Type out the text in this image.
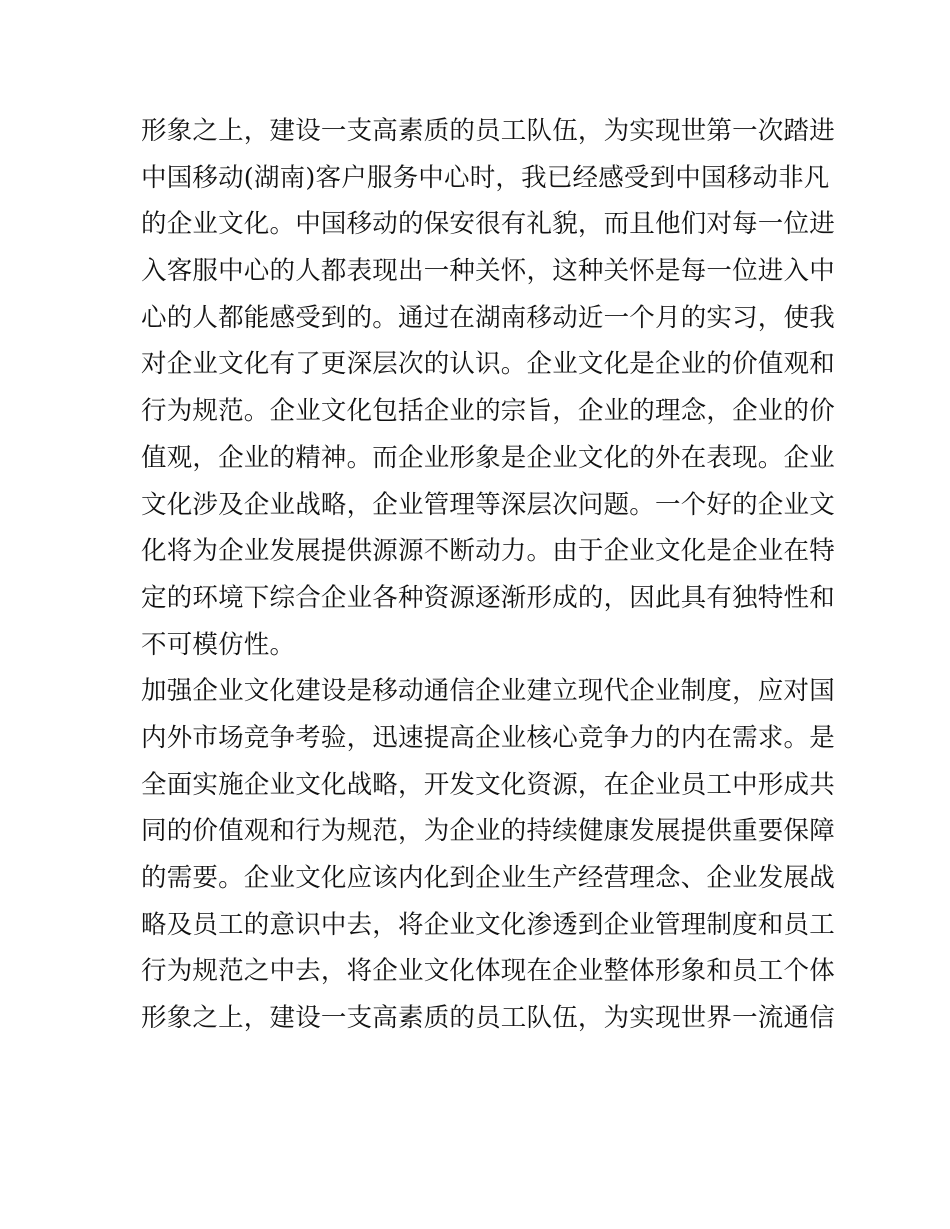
形象之上，建设一支高素质的员工队伍，为实现世第一次踏进
中国移动(湖南)客户服务中心时，我已经感受到中国移动非凡
的企业文化。中国移动的保安很有礼貌，而且他们对每一位进
入客服中心的人都表现出一种关怀，这种关怀是每一位进入中
心的人都能感受到的。通过在湖南移动近一个月的实习，使我
对企业文化有了更深层次的认识。企业文化是企业的价值观和
行为规范。企业文化包括企业的宗旨，企业的理念，企业的价
值观，企业的精神。而企业形象是企业文化的外在表现。企业
文化涉及企业战略，企业管理等深层次问题。一个好的企业文
化将为企业发展提供源源不断动力。由于企业文化是企业在特
定的环境下综合企业各种资源逐渐形成的，因此具有独特性和
不可模仿性。
加强企业文化建设是移动通信企业建立现代企业制度，应对国
内外市场竞争考验，迅速提高企业核心竞争力的内在需求。是
全面实施企业文化战略，开发文化资源，在企业员工中形成共
同的价值观和行为规范，为企业的持续健康发展提供重要保障
的需要。企业文化应该内化到企业生产经营理念、企业发展战
略及员工的意识中去，将企业文化渗透到企业管理制度和员工
行为规范之中去，将企业文化体现在企业整体形象和员工个体
形象之上，建设一支高素质的员工队伍，为实现世界一流通信
